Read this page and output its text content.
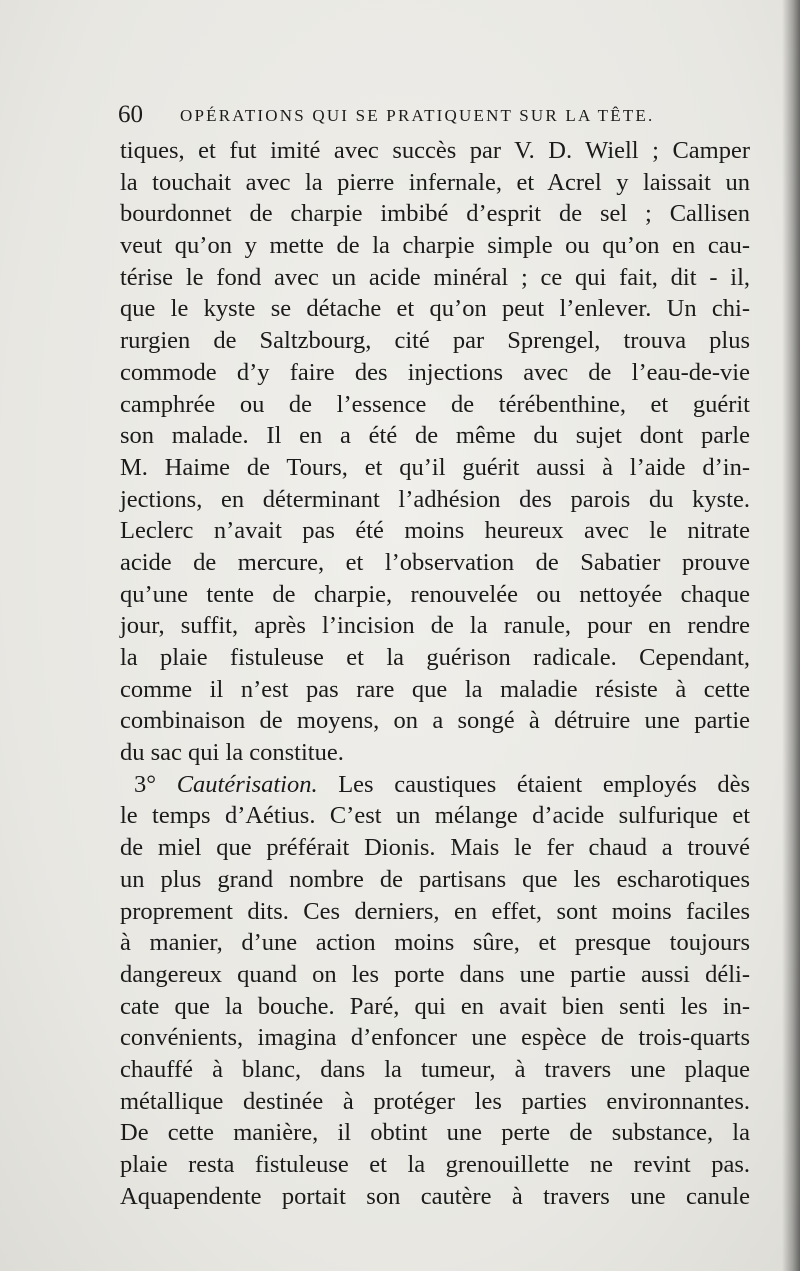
60 OPÉRATIONS QUI SE PRATIQUENT SUR LA TÊTE.
tiques, et fut imité avec succès par V. D. Wiell ; Camper
la touchait avec la pierre infernale, et Acrel y laissait un
bourdonnet de charpie imbibé d’esprit de sel ; Callisen
veut qu’on y mette de la charpie simple ou qu’on en cau-
térise le fond avec un acide minéral ; ce qui fait, dit - il,
que le kyste se détache et qu’on peut l’enlever. Un chi-
rurgien de Saltzbourg, cité par Sprengel, trouva plus
commode d’y faire des injections avec de l’eau-de-vie
camphrée ou de l’essence de térébenthine, et guérit
son malade. Il en a été de même du sujet dont parle
M. Haime de Tours, et qu’il guérit aussi à l’aide d’in-
jections, en déterminant l’adhésion des parois du kyste.
Leclerc n’avait pas été moins heureux avec le nitrate
acide de mercure, et l’observation de Sabatier prouve
qu’une tente de charpie, renouvelée ou nettoyée chaque
jour, suffit, après l’incision de la ranule, pour en rendre
la plaie fistuleuse et la guérison radicale. Cependant,
comme il n’est pas rare que la maladie résiste à cette
combinaison de moyens, on a songé à détruire une partie
du sac qui la constitue.
3° Cautérisation. Les caustiques étaient employés dès
le temps d’Aétius. C’est un mélange d’acide sulfurique et
de miel que préférait Dionis. Mais le fer chaud a trouvé
un plus grand nombre de partisans que les escharotiques
proprement dits. Ces derniers, en effet, sont moins faciles
à manier, d’une action moins sûre, et presque toujours
dangereux quand on les porte dans une partie aussi déli-
cate que la bouche. Paré, qui en avait bien senti les in-
convénients, imagina d’enfoncer une espèce de trois-quarts
chauffé à blanc, dans la tumeur, à travers une plaque
métallique destinée à protéger les parties environnantes.
De cette manière, il obtint une perte de substance, la
plaie resta fistuleuse et la grenouillette ne revint pas.
Aquapendente portait son cautère à travers une canule
